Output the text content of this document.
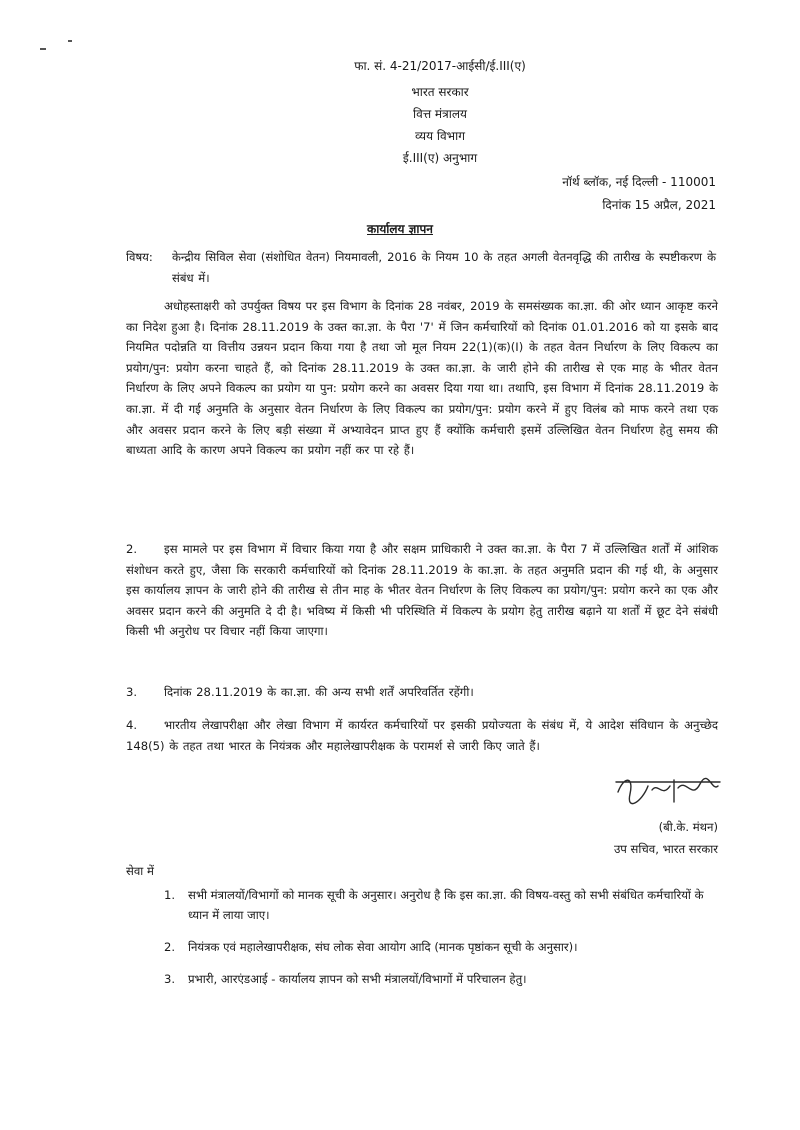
फा. सं. 4-21/2017-आईसी/ई.III(ए)
भारत सरकार
वित्त मंत्रालय
व्यय विभाग
ई.III(ए) अनुभाग
नॉर्थ ब्लॉक, नई दिल्ली - 110001
दिनांक 15 अप्रैल, 2021
कार्यालय ज्ञापन
विषय: केन्द्रीय सिविल सेवा (संशोधित वेतन) नियमावली, 2016 के नियम 10 के तहत अगली वेतनवृद्धि की तारीख के स्पष्टीकरण के संबंध में।
अधोहस्ताक्षरी को उपर्युक्त विषय पर इस विभाग के दिनांक 28 नवंबर, 2019 के समसंख्यक का.ज्ञा. की ओर ध्यान आकृष्ट करने का निदेश हुआ है। दिनांक 28.11.2019 के उक्त का.ज्ञा. के पैरा '7' में जिन कर्मचारियों को दिनांक 01.01.2016 को या इसके बाद नियमित पदोन्नति या वित्तीय उन्नयन प्रदान किया गया है तथा जो मूल नियम 22(1)(क)(I) के तहत वेतन निर्धारण के लिए विकल्प का प्रयोग/पुन: प्रयोग करना चाहते हैं, को दिनांक 28.11.2019 के उक्त का.ज्ञा. के जारी होने की तारीख से एक माह के भीतर वेतन निर्धारण के लिए अपने विकल्प का प्रयोग या पुन: प्रयोग करने का अवसर दिया गया था। तथापि, इस विभाग में दिनांक 28.11.2019 के का.ज्ञा. में दी गई अनुमति के अनुसार वेतन निर्धारण के लिए विकल्प का प्रयोग/पुन: प्रयोग करने में हुए विलंब को माफ करने तथा एक और अवसर प्रदान करने के लिए बड़ी संख्या में अभ्यावेदन प्राप्त हुए हैं क्योंकि कर्मचारी इसमें उल्लिखित वेतन निर्धारण हेतु समय की बाध्यता आदि के कारण अपने विकल्प का प्रयोग नहीं कर पा रहे हैं।
2.	इस मामले पर इस विभाग में विचार किया गया है और सक्षम प्राधिकारी ने उक्त का.ज्ञा. के पैरा 7 में उल्लिखित शर्तों में आंशिक संशोधन करते हुए, जैसा कि सरकारी कर्मचारियों को दिनांक 28.11.2019 के का.ज्ञा. के तहत अनुमति प्रदान की गई थी, के अनुसार इस कार्यालय ज्ञापन के जारी होने की तारीख से तीन माह के भीतर वेतन निर्धारण के लिए विकल्प का प्रयोग/पुन: प्रयोग करने का एक और अवसर प्रदान करने की अनुमति दे दी है। भविष्य में किसी भी परिस्थिति में विकल्प के प्रयोग हेतु तारीख बढ़ाने या शर्तों में छूट देने संबंधी किसी भी अनुरोध पर विचार नहीं किया जाएगा।
3. दिनांक 28.11.2019 के का.ज्ञा. की अन्य सभी शर्तें अपरिवर्तित रहेंगी।
4.	भारतीय लेखापरीक्षा और लेखा विभाग में कार्यरत कर्मचारियों पर इसकी प्रयोज्यता के संबंध में, ये आदेश संविधान के अनुच्छेद 148(5) के तहत तथा भारत के नियंत्रक और महालेखापरीक्षक के परामर्श से जारी किए जाते हैं।
(बी.के. मंथन)
उप सचिव, भारत सरकार
सेवा में
1. सभी मंत्रालयों/विभागों को मानक सूची के अनुसार। अनुरोध है कि इस का.ज्ञा. की विषय-वस्तु को सभी संबंधित कर्मचारियों के ध्यान में लाया जाए।
2. नियंत्रक एवं महालेखापरीक्षक, संघ लोक सेवा आयोग आदि (मानक पृष्ठांकन सूची के अनुसार)।
3. प्रभारी, आरएंडआई - कार्यालय ज्ञापन को सभी मंत्रालयों/विभागों में परिचालन हेतु।
